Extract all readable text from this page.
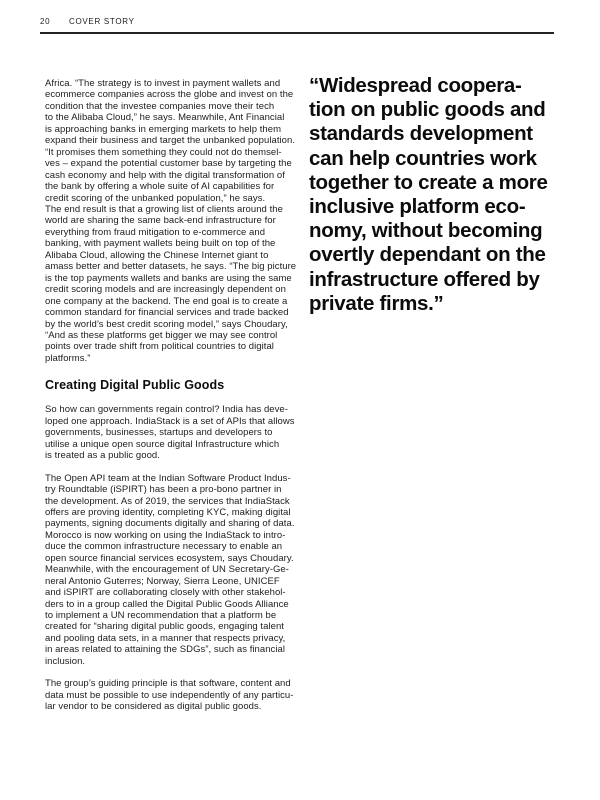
20	COVER STORY

Africa. “The strategy is to invest in payment wallets and
ecommerce companies across the globe and invest on the
condition that the investee companies move their tech
to the Alibaba Cloud,” he says. Meanwhile, Ant Financial
is approaching banks in emerging markets to help them
expand their business and target the unbanked population.
“It promises them something they could not do themsel-
ves – expand the potential customer base by targeting the
cash economy and help with the digital transformation of
the bank by offering a whole suite of AI capabilities for
credit scoring of the unbanked population,” he says.
The end result is that a growing list of clients around the
world are sharing the same back-end infrastructure for
everything from fraud mitigation to e-commerce and
banking, with payment wallets being built on top of the
Alibaba Cloud, allowing the Chinese Internet giant to
amass better and better datasets, he says. “The big picture
is the top payments wallets and banks are using the same
credit scoring models and are increasingly dependent on
one company at the backend. The end goal is to create a
common standard for financial services and trade backed
by the world’s best credit scoring model,” says Choudary,
“And as these platforms get bigger we may see control
points over trade shift from political countries to digital
platforms.”

Creating Digital Public Goods

So how can governments regain control? India has deve-
loped one approach. IndiaStack is a set of APIs that allows
governments, businesses, startups and developers to
utilise a unique open source digital Infrastructure which
is treated as a public good.

The Open API team at the Indian Software Product Indus-
try Roundtable (iSPIRT) has been a pro-bono partner in
the development. As of 2019, the services that IndiaStack
offers are proving identity, completing KYC, making digital
payments, signing documents digitally and sharing of data.
Morocco is now working on using the IndiaStack to intro-
duce the common infrastructure necessary to enable an
open source financial services ecosystem, says Choudary.
Meanwhile, with the encouragement of UN Secretary-Ge-
neral Antonio Guterres; Norway, Sierra Leone, UNICEF
and iSPIRT are collaborating closely with other stakehol-
ders to in a group called the Digital Public Goods Alliance
to implement a UN recommendation that a platform be
created for “sharing digital public goods, engaging talent
and pooling data sets, in a manner that respects privacy,
in areas related to attaining the SDGs”, such as financial
inclusion.

The group’s guiding principle is that software, content and
data must be possible to use independently of any particu-
lar vendor to be considered as digital public goods.

“Widespread coopera-
tion on public goods and
standards development
can help countries work
together to create a more
inclusive platform eco-
nomy, without becoming
overtly dependant on the
infrastructure offered by
private firms.”
